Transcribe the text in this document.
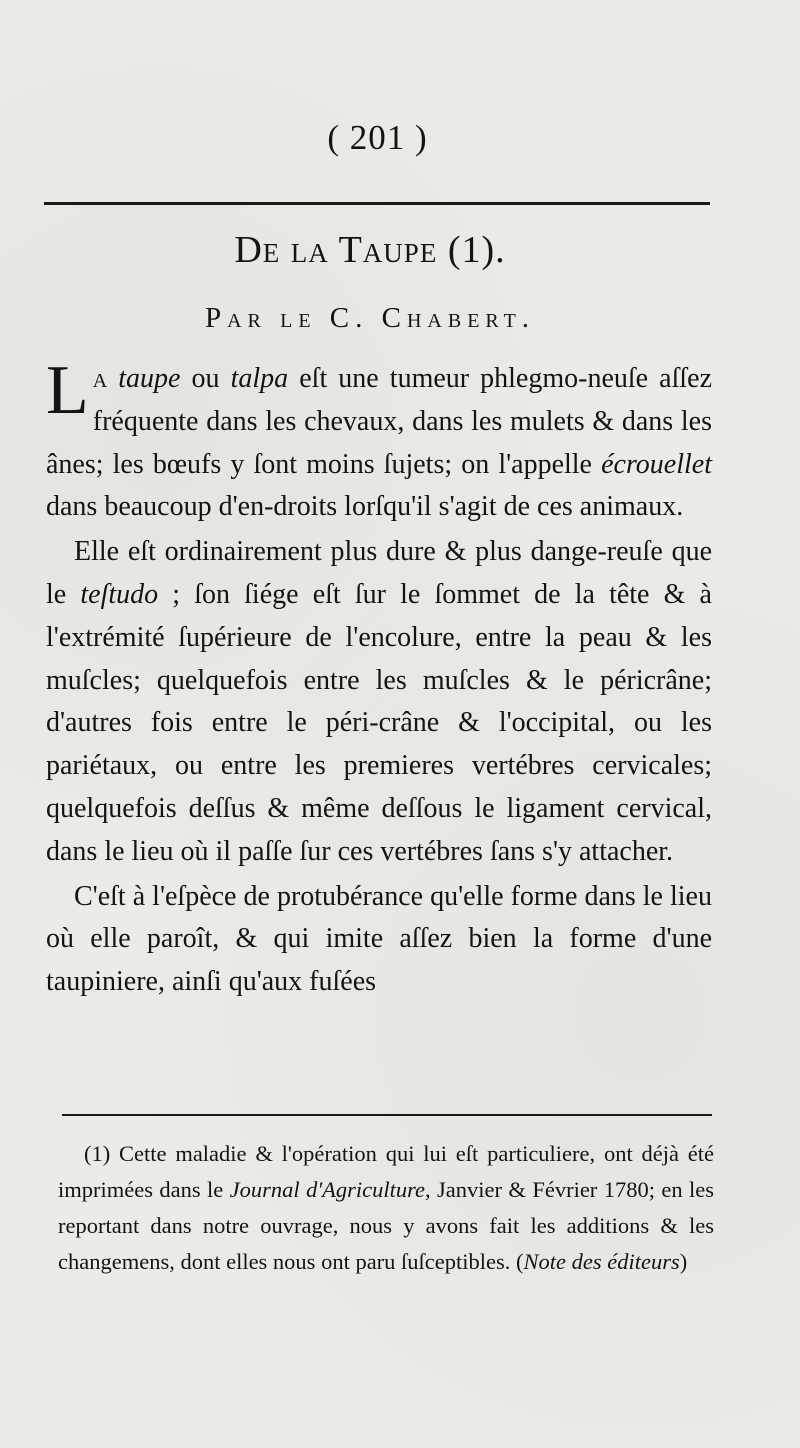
( 201 )
De la Taupe (1).
Par le C. Chabert.

La taupe ou talpa eſt une tumeur phlegmo-neuſe aſſez fréquente dans les chevaux, dans les mulets & dans les ânes; les bœufs y ſont moins ſujets; on l'appelle écrouellet dans beaucoup d'en-droits lorſqu'il s'agit de ces animaux.

Elle eſt ordinairement plus dure & plus dange-reuſe que le teſtudo ; ſon ſiége eſt ſur le ſommet de la tête & à l'extrémité ſupérieure de l'encolure, entre la peau & les muſcles; quelquefois entre les muſcles & le péricrâne; d'autres fois entre le péri-crâne & l'occipital, ou les pariétaux, ou entre les premieres vertébres cervicales; quelquefois deſſus & même deſſous le ligament cervical, dans le lieu où il paſſe ſur ces vertébres ſans s'y attacher.

C'eſt à l'eſpèce de protubérance qu'elle forme dans le lieu où elle paroît, & qui imite aſſez bien la forme d'une taupiniere, ainſi qu'aux fuſées

(1) Cette maladie & l'opération qui lui eſt particuliere, ont déjà été imprimées dans le Journal d'Agriculture, Janvier & Février 1780; en les reportant dans notre ouvrage, nous y avons fait les additions & les changemens, dont elles nous ont paru ſuſceptibles. (Note des éditeurs)
